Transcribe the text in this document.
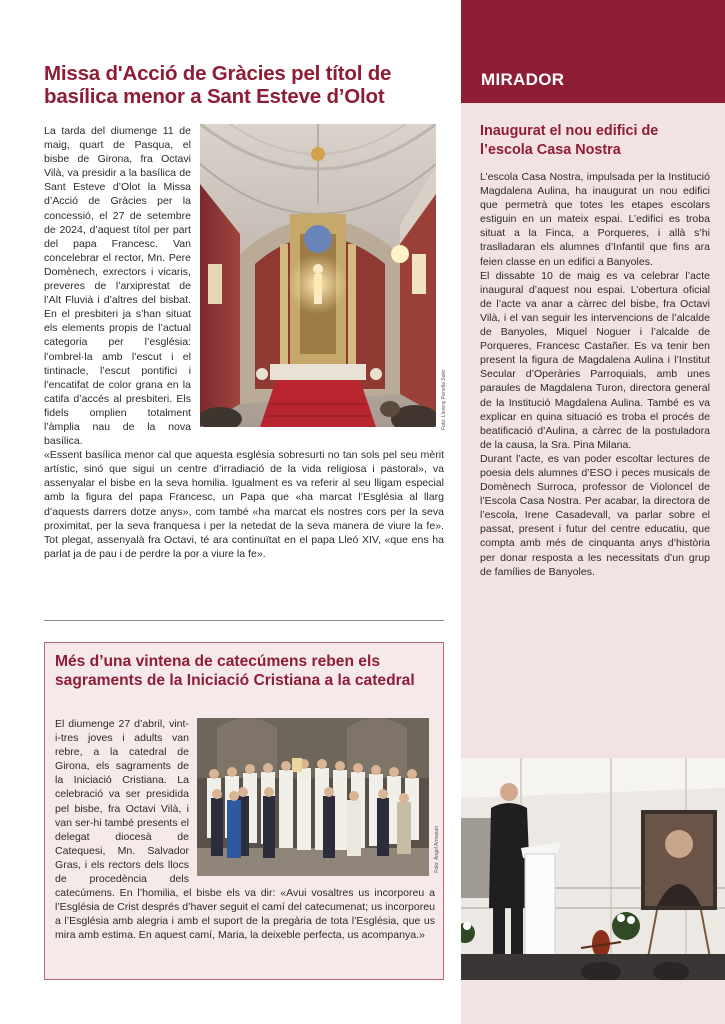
Missa d'Acció de Gràcies pel títol de basílica menor a Sant Esteve d’Olot
Foto: Llorenç Parrella Soler

La tarda del diumenge 11 de maig, quart de Pasqua, el bisbe de Girona, fra Octavi Vilà, va presidir a la basílica de Sant Esteve d’Olot la Missa d’Acció de Gràcies per la concessió, el 27 de setembre de 2024, d’aquest títol per part del papa Francesc. Van concelebrar el rector, Mn. Pere Domènech, exrectors i vicaris, preveres de l’arxiprestat de l’Alt Fluvià i d’altres del bisbat. En el presbiteri ja s’han situat els elements propis de l’actual categoria per l’església: l’ombrel·la amb l’escut i el tintinacle, l’escut pontifici i l’encatifat de color grana en la catifa d’accés al presbiteri. Els fidels omplien totalment l’àmplia nau de la nova basílica.

«Essent basílica menor cal que aquesta església sobresurti no tan sols pel seu mèrit artístic, sinó que sigui un centre d’irradiació de la vida religiosa i pastoral», va assenyalar el bisbe en la seva homilia. Igualment es va referir al seu lligam especial amb la figura del papa Francesc, un Papa que «ha marcat l’Església al llarg d’aquests darrers dotze anys», com també «ha marcat els nostres cors per la seva proximitat, per la seva franquesa i per la netedat de la seva manera de viure la fe». Tot plegat, assenyalà fra Octavi, té ara continuïtat en el papa Lleó XIV, «que ens ha parlat ja de pau i de perdre la por a viure la fe».

Més d’una vintena de catecúmens reben els sagraments de la Iniciació Cristiana a la catedral
Foto: Àngel Armazan

El diumenge 27 d’abril, vint-i-tres joves i adults van rebre, a la catedral de Girona, els sagraments de la Iniciació Cristiana. La celebració va ser presidida pel bisbe, fra Octavi Vilà, i van ser-hi també presents el delegat diocesà de Catequesi, Mn. Salvador Gras, i els rectors dels llocs de procedència dels catecúmens. En l’homilia, el bisbe els va dir: «Avui vosaltres us incorporeu a l’Església de Crist després d’haver seguit el camí del catecumenat; us incorporeu a l’Església amb alegria i amb el suport de la pregària de tota l’Església, que us mira amb estima. En aquest camí, Maria, la deixeble perfecta, us acompanya.»

MIRADOR
Inaugurat el nou edifici de l’escola Casa Nostra

L’escola Casa Nostra, impulsada per la Institució Magdalena Aulina, ha inaugurat un nou edifici que permetrà que totes les etapes escolars estiguin en un mateix espai. L’edifici es troba situat a la Finca, a Porqueres, i allà s’hi traslladaran els alumnes d’Infantil que fins ara feien classe en un edifici a Banyoles.

El dissabte 10 de maig es va celebrar l’acte inaugural d’aquest nou espai. L’obertura oficial de l’acte va anar a càrrec del bisbe, fra Octavi Vilà, i el van seguir les intervencions de l’alcalde de Banyoles, Miquel Noguer i l’alcalde de Porqueres, Francesc Castañer. Es va tenir ben present la figura de Magdalena Aulina i l’Institut Secular d’Operàries Parroquials, amb unes paraules de Magdalena Turon, directora general de la Institució Magdalena Aulina. També es va explicar en quina situació es troba el procés de beatificació d’Aulina, a càrrec de la postuladora de la causa, la Sra. Pina Milana.

Durant l’acte, es van poder escoltar lectures de poesia dels alumnes d’ESO i peces musicals de Domènech Surroca, professor de Violoncel de l’Escola Casa Nostra. Per acabar, la directora de l’escola, Irene Casadevall, va parlar sobre el passat, present i futur del centre educatiu, que compta amb més de cinquanta anys d’història per donar resposta a les necessitats d’un grup de famílies de Banyoles.
